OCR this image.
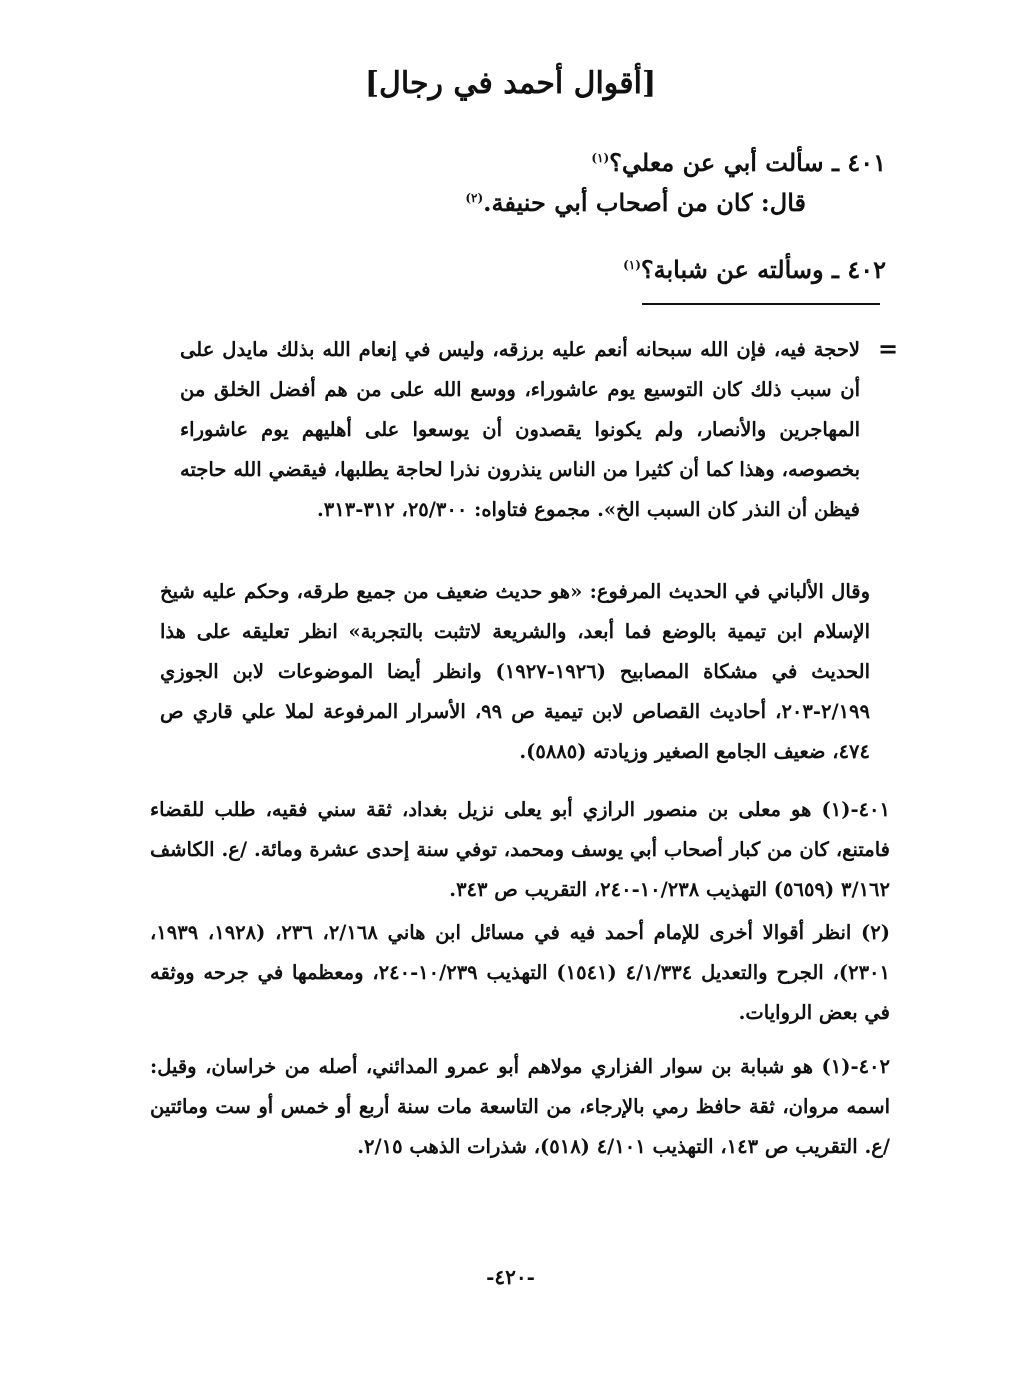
[أقوال أحمد في رجال]
٤٠١ ـ سألت أبي عن معلي؟$^{(١)}$
قال: كان من أصحاب أبي حنيفة.$^{(٢)}$
٤٠٢ ـ وسألته عن شبابة؟$^{(١)}$
=
لاحجة فيه، فإن الله سبحانه أنعم عليه برزقه، وليس في إنعام الله بذلك مايدل على أن سبب ذلك كان التوسيع يوم عاشوراء، ووسع الله على من هم أفضل الخلق من المهاجرين والأنصار، ولم يكونوا يقصدون أن يوسعوا على أهليهم يوم عاشوراء بخصوصه، وهذا كما أن كثيرا من الناس ينذرون نذرا لحاجة يطلبها، فيقضي الله حاجته فيظن أن النذر كان السبب الخ». مجموع فتاواه: ٢٥/٣٠٠، ٣١٢-٣١٣.
وقال الألباني في الحديث المرفوع: «هو حديث ضعيف من جميع طرقه، وحكم عليه شيخ الإسلام ابن تيمية بالوضع فما أبعد، والشريعة لاتثبت بالتجربة» انظر تعليقه على هذا الحديث في مشكاة المصابيح (١٩٢٦-١٩٢٧) وانظر أيضا الموضوعات لابن الجوزي ٢/١٩٩-٢٠٣، أحاديث القصاص لابن تيمية ص ٩٩، الأسرار المرفوعة لملا علي قاري ص ٤٧٤، ضعيف الجامع الصغير وزيادته (٥٨٨٥).
٤٠١-(١) هو معلى بن منصور الرازي أبو يعلى نزيل بغداد، ثقة سني فقيه، طلب للقضاء فامتنع، كان من كبار أصحاب أبي يوسف ومحمد، توفي سنة إحدى عشرة ومائة. /ع. الكاشف ٣/١٦٢ (٥٦٥٩) التهذيب ١٠/٢٣٨-٢٤٠، التقريب ص ٣٤٣.
(٢) انظر أقوالا أخرى للإمام أحمد فيه في مسائل ابن هاني ٢/١٦٨، ٢٣٦، (١٩٢٨، ١٩٣٩، ٢٣٠١)، الجرح والتعديل ٤/١/٣٣٤ (١٥٤١) التهذيب ١٠/٢٣٩-٢٤٠، ومعظمها في جرحه ووثقه في بعض الروايات.
٤٠٢-(١) هو شبابة بن سوار الفزاري مولاهم أبو عمرو المدائني، أصله من خراسان، وقيل: اسمه مروان، ثقة حافظ رمي بالإرجاء، من التاسعة مات سنة أربع أو خمس أو ست ومائتين /ع. التقريب ص ١٤٣، التهذيب ٤/١٠١ (٥١٨)، شذرات الذهب ٢/١٥.
-٤٢٠-
